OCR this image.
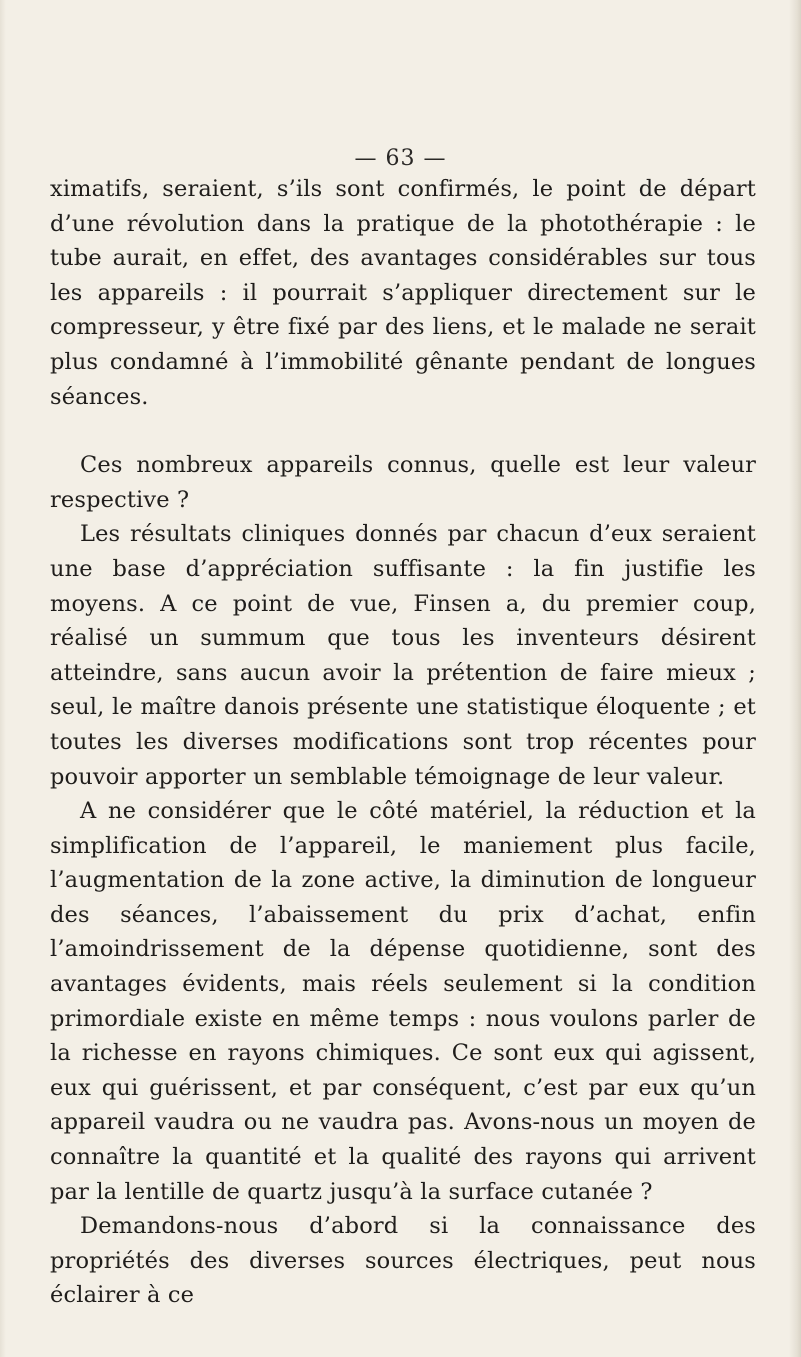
— 63 —

ximatifs, seraient, s’ils sont confirmés, le point de départ d’une révolution dans la pratique de la photothérapie : le tube aurait, en effet, des avantages considérables sur tous les appareils : il pourrait s’appliquer directement sur le compresseur, y être fixé par des liens, et le malade ne serait plus condamné à l’immobilité gênante pendant de longues séances.

Ces nombreux appareils connus, quelle est leur valeur respective ?

Les résultats cliniques donnés par chacun d’eux seraient une base d’appréciation suffisante : la fin justifie les moyens. A ce point de vue, Finsen a, du premier coup, réalisé un summum que tous les inventeurs désirent atteindre, sans aucun avoir la prétention de faire mieux ; seul, le maître danois présente une statistique éloquente ; et toutes les diverses modifications sont trop récentes pour pouvoir apporter un semblable témoignage de leur valeur.

A ne considérer que le côté matériel, la réduction et la simplification de l’appareil, le maniement plus facile, l’augmentation de la zone active, la diminution de longueur des séances, l’abaissement du prix d’achat, enfin l’amoindrissement de la dépense quotidienne, sont des avantages évidents, mais réels seulement si la condition primordiale existe en même temps : nous voulons parler de la richesse en rayons chimiques. Ce sont eux qui agissent, eux qui guérissent, et par conséquent, c’est par eux qu’un appareil vaudra ou ne vaudra pas. Avons-nous un moyen de connaître la quantité et la qualité des rayons qui arrivent par la lentille de quartz jusqu’à la surface cutanée ?

Demandons-nous d’abord si la connaissance des propriétés des diverses sources électriques, peut nous éclairer à ce
